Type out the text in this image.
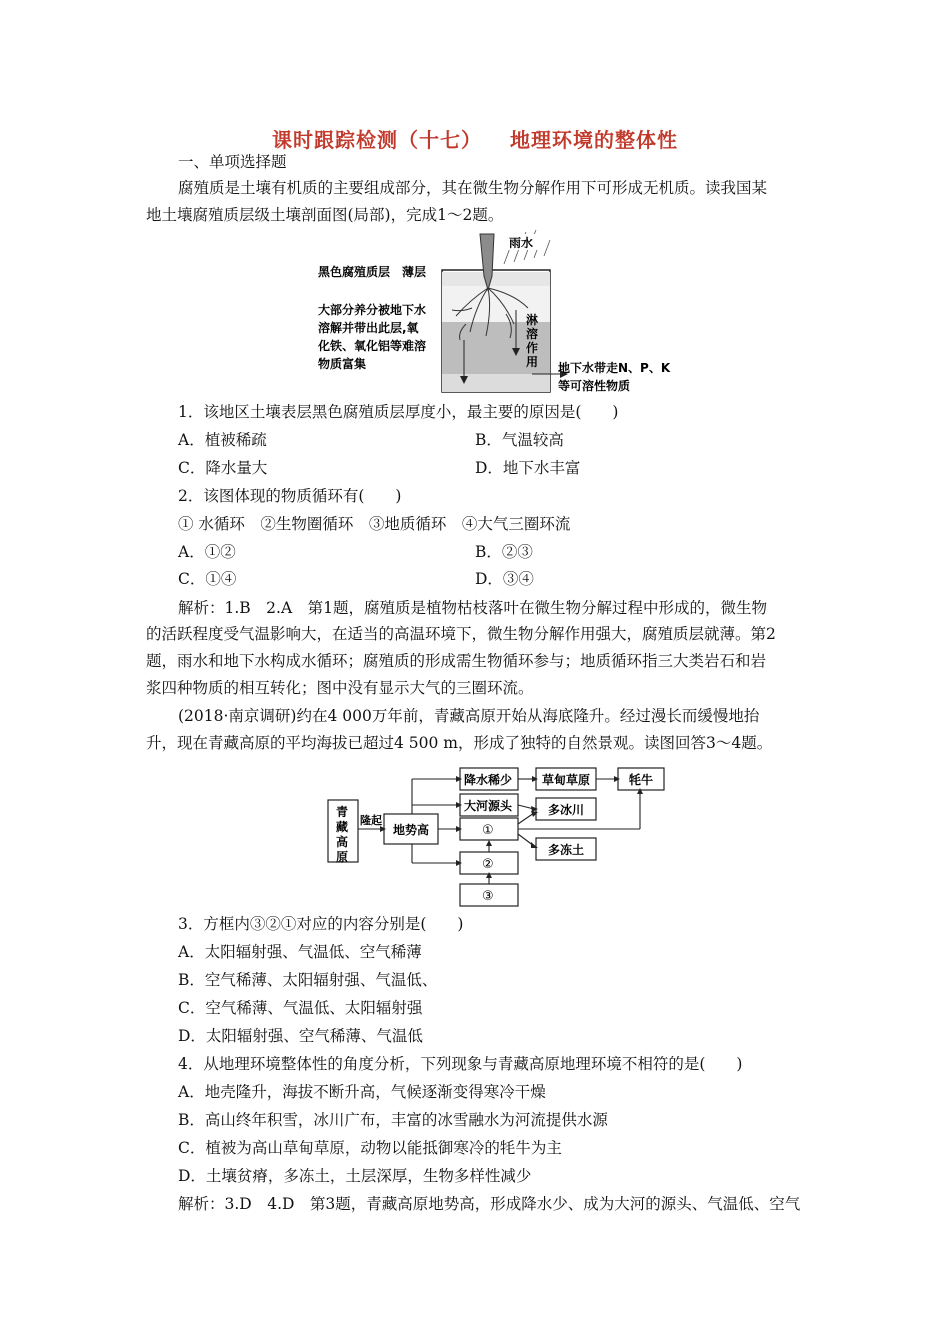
课时跟踪检测（十七） 地理环境的整体性
一、单项选择题
腐殖质是土壤有机质的主要组成部分，其在微生物分解作用下可形成无机质。读我国某
地土壤腐殖质层级土壤剖面图(局部)，完成1～2题。
雨水
黑色腐殖质层　薄层
大部分养分被地下水
溶解并带出此层,氧
化铁、氧化铝等难溶
物质富集
淋
溶
作
用 地下水带走N、P、K
等可溶性物质
1．该地区土壤表层黑色腐殖质层厚度小，最主要的原因是(　　)
A．植被稀疏	B．气温较高
C．降水量大	D．地下水丰富
2．该图体现的物质循环有(　　)
① 水循环　②生物圈循环　③地质循环　④大气三圈环流
A．①②	B．②③
C．①④	D．③④
解析：1.B　2.A　第1题，腐殖质是植物枯枝落叶在微生物分解过程中形成的，微生物
的活跃程度受气温影响大，在适当的高温环境下，微生物分解作用强大，腐殖质层就薄。第2
题，雨水和地下水构成水循环；腐殖质的形成需生物循环参与；地质循环指三大类岩石和岩
浆四种物质的相互转化；图中没有显示大气的三圈环流。
(2018·南京调研)约在4 000万年前，青藏高原开始从海底隆升。经过漫长而缓慢地抬
升，现在青藏高原的平均海拔已超过4 500 m，形成了独特的自然景观。读图回答3～4题。
青
藏
高
原
隆起
地势高
降水稀少 草甸草原	牦牛
大河源头	多冰川
①
多冻土
②
③
3．方框内③②①对应的内容分别是(　　)
A．太阳辐射强、气温低、空气稀薄
B．空气稀薄、太阳辐射强、气温低、
C．空气稀薄、气温低、太阳辐射强
D．太阳辐射强、空气稀薄、气温低
4．从地理环境整体性的角度分析，下列现象与青藏高原地理环境不相符的是(　　)
A．地壳隆升，海拔不断升高，气候逐渐变得寒冷干燥
B．高山终年积雪，冰川广布，丰富的冰雪融水为河流提供水源
C．植被为高山草甸草原，动物以能抵御寒冷的牦牛为主
D．土壤贫瘠，多冻土，土层深厚，生物多样性减少
解析：3.D　4.D　第3题，青藏高原地势高，形成降水少、成为大河的源头、气温低、空气
